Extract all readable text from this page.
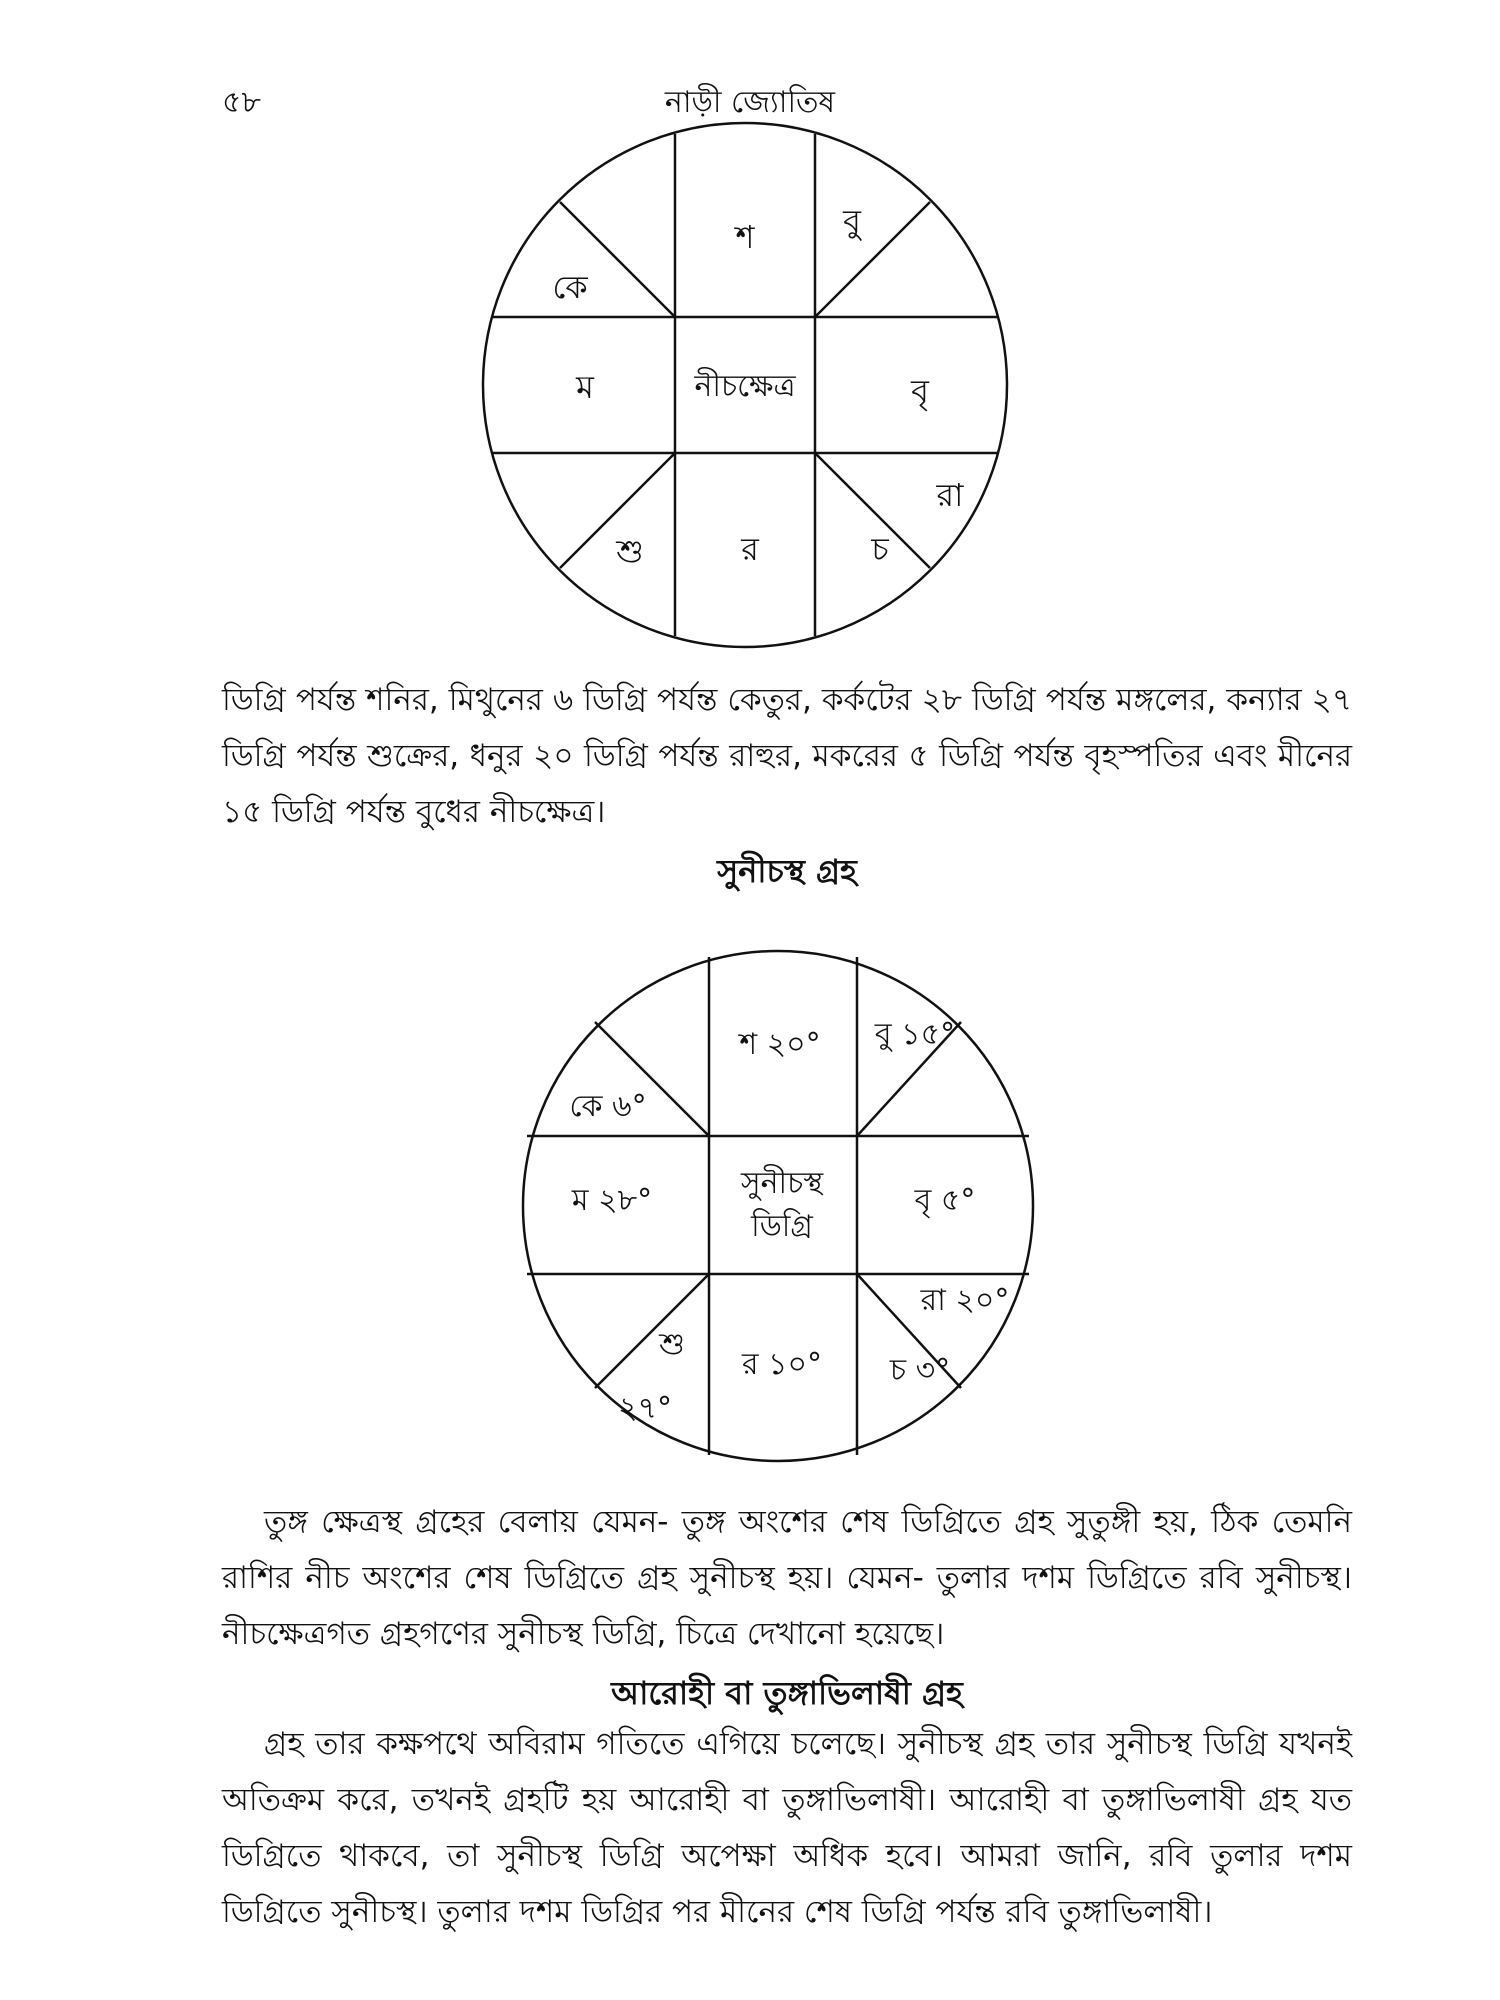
৫৮	নাড়ী জ্যোতিষ
শ	বু
কে
ম	নীচক্ষেত্র	বৃ
রা
শু	র	চ
ডিগ্রি পর্যন্ত শনির, মিথুনের ৬ ডিগ্রি পর্যন্ত কেতুর, কর্কটের ২৮ ডিগ্রি পর্যন্ত মঙ্গলের, কন্যার ২৭ ডিগ্রি পর্যন্ত শুক্রের, ধনুর ২০ ডিগ্রি পর্যন্ত রাহুর, মকরের ৫ ডিগ্রি পর্যন্ত বৃহস্পতির এবং মীনের ১৫ ডিগ্রি পর্যন্ত বুধের নীচক্ষেত্র।
সুনীচস্থ গ্রহ
শ ২০° বু ১৫°
কে ৬°
ম ২৮°	সুনীচস্থ
ডিগ্রি
বৃ ৫°
রা ২০°
শু
২৭°
র ১০° চ ৩°
তুঙ্গ ক্ষেত্রস্থ গ্রহের বেলায় যেমন- তুঙ্গ অংশের শেষ ডিগ্রিতে গ্রহ সুতুঙ্গী হয়, ঠিক তেমনি রাশির নীচ অংশের শেষ ডিগ্রিতে গ্রহ সুনীচস্থ হয়। যেমন- তুলার দশম ডিগ্রিতে রবি সুনীচস্থ। নীচক্ষেত্রগত গ্রহগণের সুনীচস্থ ডিগ্রি, চিত্রে দেখানো হয়েছে।
আরোহী বা তুঙ্গাভিলাষী গ্রহ
গ্রহ তার কক্ষপথে অবিরাম গতিতে এগিয়ে চলেছে। সুনীচস্থ গ্রহ তার সুনীচস্থ ডিগ্রি যখনই অতিক্রম করে, তখনই গ্রহটি হয় আরোহী বা তুঙ্গাভিলাষী। আরোহী বা তুঙ্গাভিলাষী গ্রহ যত ডিগ্রিতে থাকবে, তা সুনীচস্থ ডিগ্রি অপেক্ষা অধিক হবে। আমরা জানি, রবি তুলার দশম ডিগ্রিতে সুনীচস্থ। তুলার দশম ডিগ্রির পর মীনের শেষ ডিগ্রি পর্যন্ত রবি তুঙ্গাভিলাষী।
